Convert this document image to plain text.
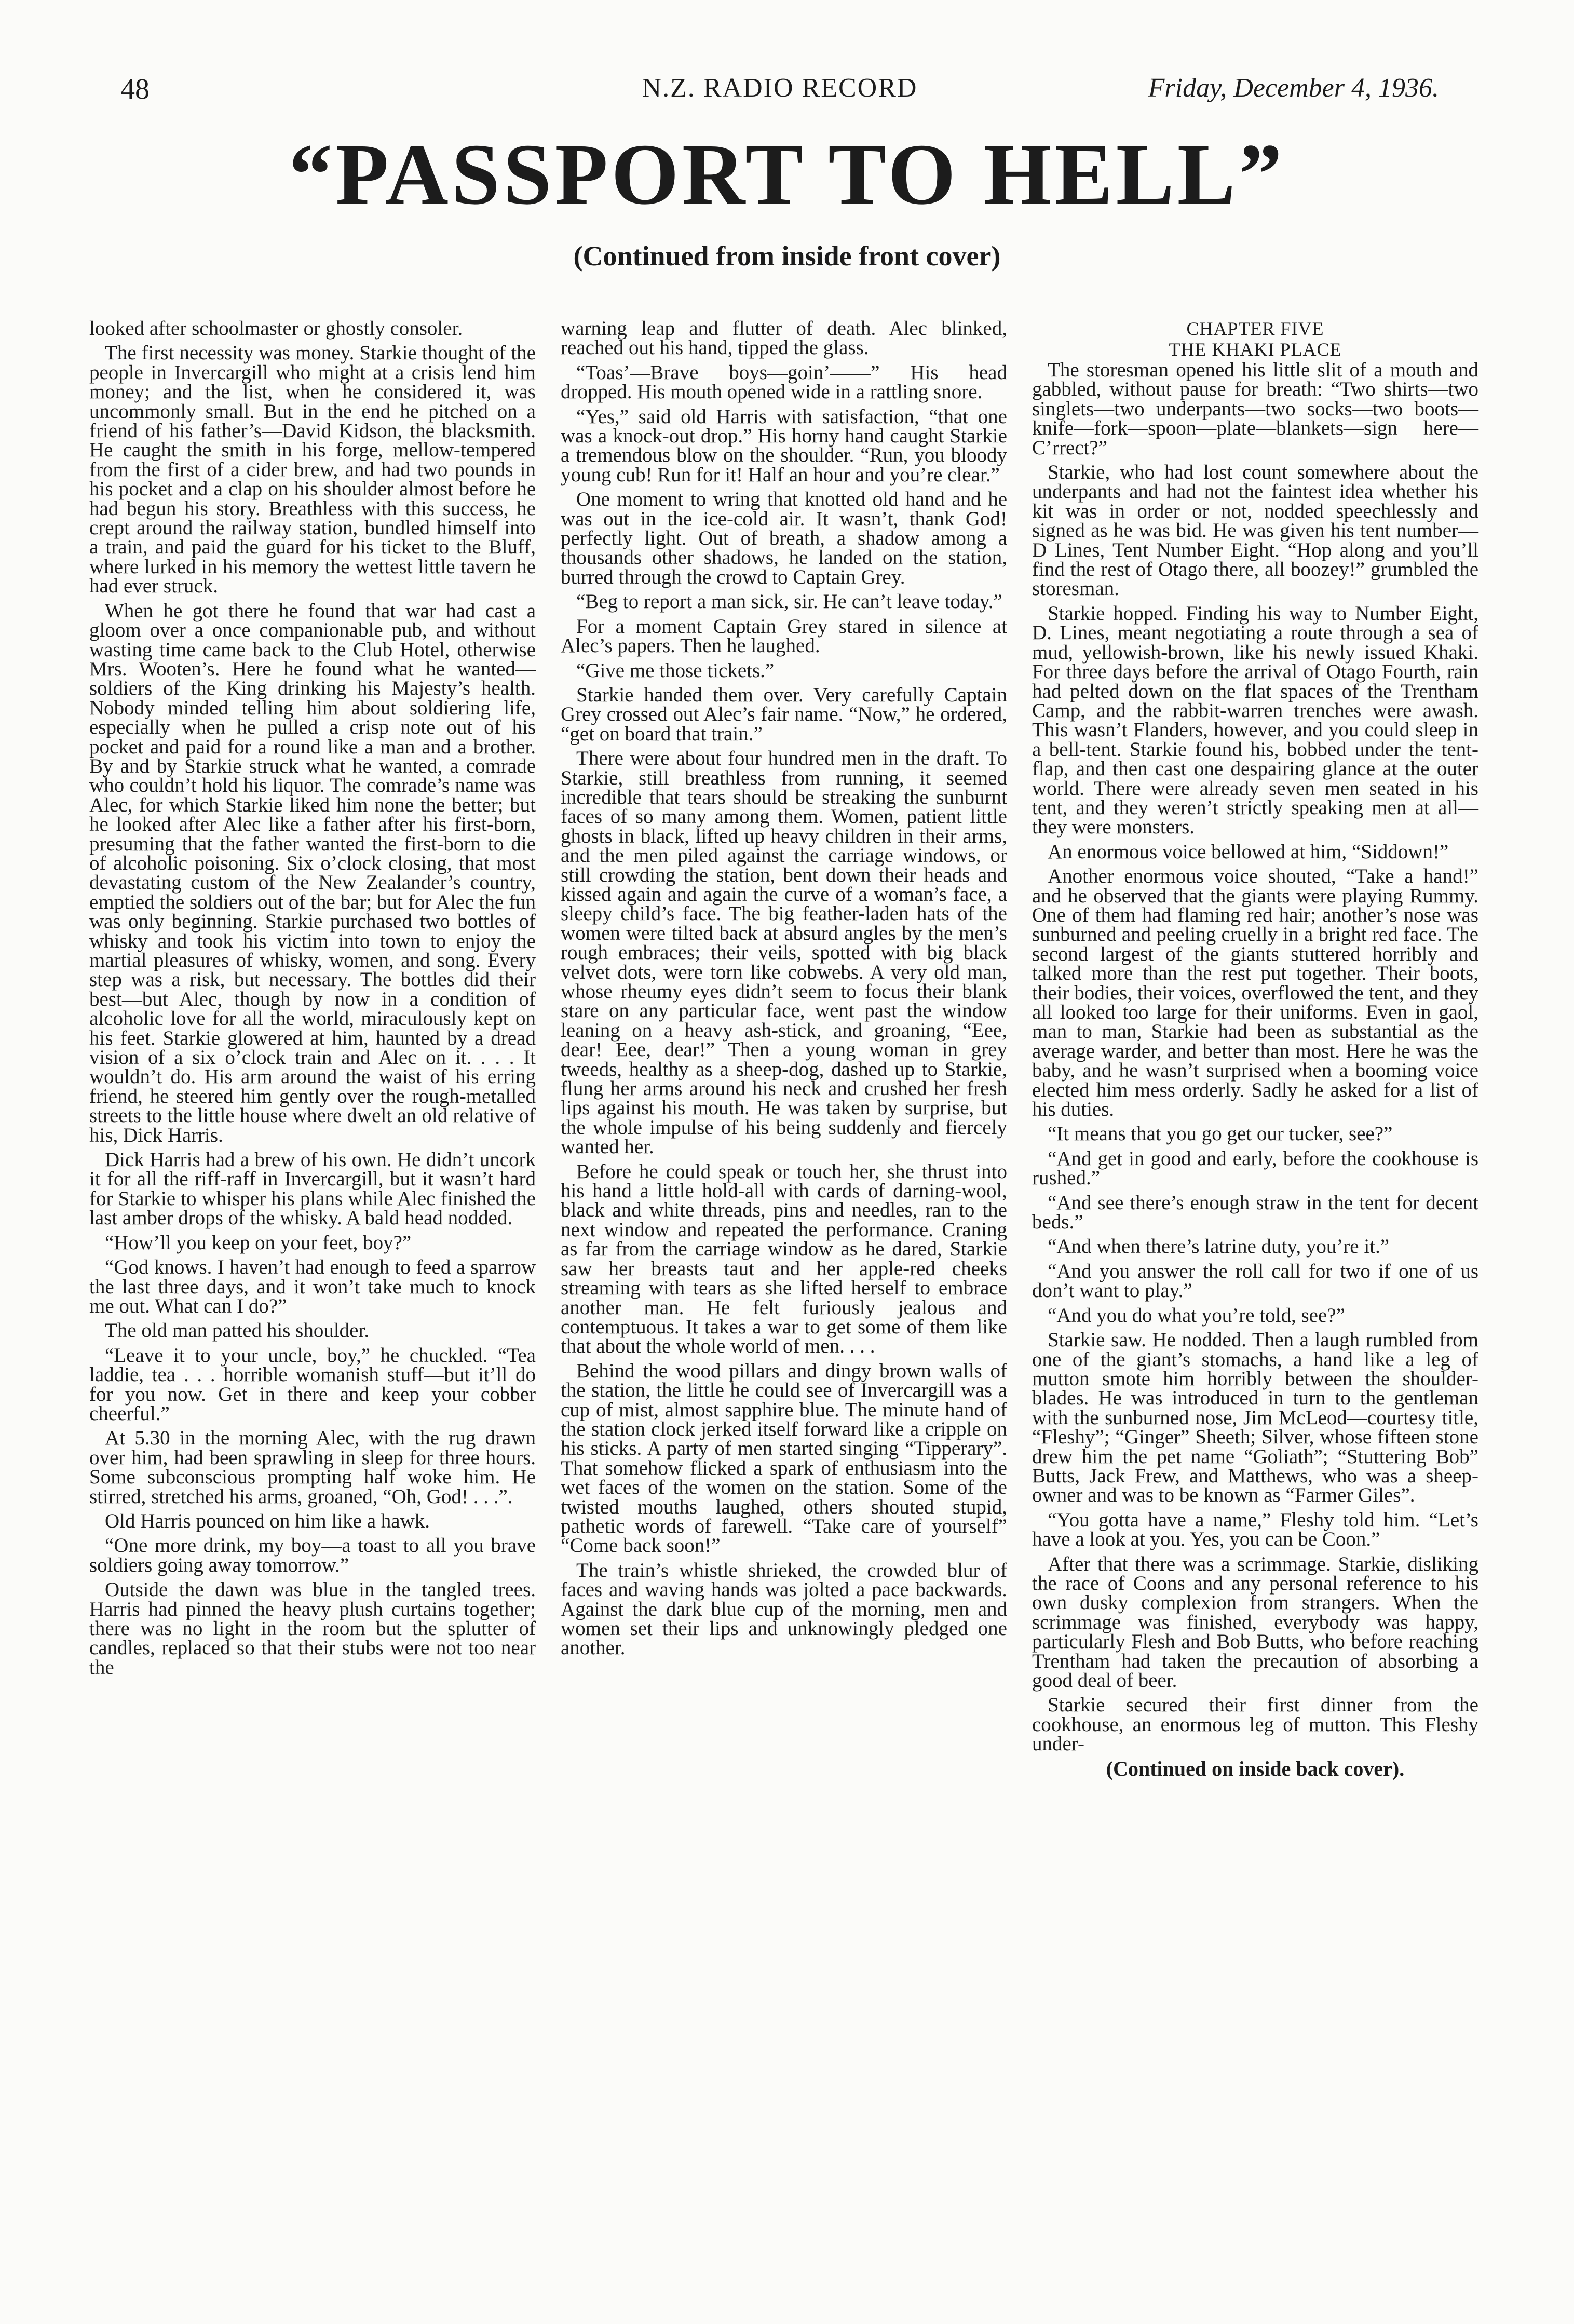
48	N.Z. RADIO RECORD	Friday, December 4, 1936.
“PASSPORT TO HELL”
(Continued from inside front cover)

looked after schoolmaster or ghostly consoler.

The first necessity was money. Starkie thought of the people in Invercargill who might at a crisis lend him money; and the list, when he considered it, was uncommonly small. But in the end he pitched on a friend of his father’s—David Kidson, the blacksmith. He caught the smith in his forge, mellow-tempered from the first of a cider brew, and had two pounds in his pocket and a clap on his shoulder almost before he had begun his story. Breathless with this success, he crept around the railway station, bundled himself into a train, and paid the guard for his ticket to the Bluff, where lurked in his memory the wettest little tavern he had ever struck.

When he got there he found that war had cast a gloom over a once companionable pub, and without wasting time came back to the Club Hotel, otherwise Mrs. Wooten’s. Here he found what he wanted—soldiers of the King drinking his Majesty’s health. Nobody minded telling him about soldiering life, especially when he pulled a crisp note out of his pocket and paid for a round like a man and a brother. By and by Starkie struck what he wanted, a comrade who couldn’t hold his liquor. The comrade’s name was Alec, for which Starkie liked him none the better; but he looked after Alec like a father after his first-born, presuming that the father wanted the first-born to die of alcoholic poisoning. Six o’clock closing, that most devastating custom of the New Zealander’s country, emptied the soldiers out of the bar; but for Alec the fun was only beginning. Starkie purchased two bottles of whisky and took his victim into town to enjoy the martial pleasures of whisky, women, and song. Every step was a risk, but necessary. The bottles did their best—but Alec, though by now in a condition of alcoholic love for all the world, miraculously kept on his feet. Starkie glowered at him, haunted by a dread vision of a six o’clock train and Alec on it. . . . It wouldn’t do. His arm around the waist of his erring friend, he steered him gently over the rough-metalled streets to the little house where dwelt an old relative of his, Dick Harris.

Dick Harris had a brew of his own. He didn’t uncork it for all the riff-raff in Invercargill, but it wasn’t hard for Starkie to whisper his plans while Alec finished the last amber drops of the whisky. A bald head nodded.

“How’ll you keep on your feet, boy?”

“God knows. I haven’t had enough to feed a sparrow the last three days, and it won’t take much to knock me out. What can I do?”

The old man patted his shoulder.

“Leave it to your uncle, boy,” he chuckled. “Tea laddie, tea . . . horrible womanish stuff—but it’ll do for you now. Get in there and keep your cobber cheerful.”

At 5.30 in the morning Alec, with the rug drawn over him, had been sprawling in sleep for three hours. Some subconscious prompting half woke him. He stirred, stretched his arms, groaned, “Oh, God! . . .”.

Old Harris pounced on him like a hawk.

“One more drink, my boy—a toast to all you brave soldiers going away tomorrow.”

Outside the dawn was blue in the tangled trees. Harris had pinned the heavy plush curtains together; there was no light in the room but the splutter of candles, replaced so that their stubs were not too near the

warning leap and flutter of death. Alec blinked, reached out his hand, tipped the glass.

“Toas’—Brave boys—goin’——” His head dropped. His mouth opened wide in a rattling snore.

“Yes,” said old Harris with satisfaction, “that one was a knock-out drop.” His horny hand caught Starkie a tremendous blow on the shoulder. “Run, you bloody young cub! Run for it! Half an hour and you’re clear.”

One moment to wring that knotted old hand and he was out in the ice-cold air. It wasn’t, thank God! perfectly light. Out of breath, a shadow among a thousands other shadows, he landed on the station, burred through the crowd to Captain Grey.

“Beg to report a man sick, sir. He can’t leave today.”

For a moment Captain Grey stared in silence at Alec’s papers. Then he laughed.

“Give me those tickets.”

Starkie handed them over. Very carefully Captain Grey crossed out Alec’s fair name. “Now,” he ordered, “get on board that train.”

There were about four hundred men in the draft. To Starkie, still breathless from running, it seemed incredible that tears should be streaking the sunburnt faces of so many among them. Women, patient little ghosts in black, lifted up heavy children in their arms, and the men piled against the carriage windows, or still crowding the station, bent down their heads and kissed again and again the curve of a woman’s face, a sleepy child’s face. The big feather-laden hats of the women were tilted back at absurd angles by the men’s rough embraces; their veils, spotted with big black velvet dots, were torn like cobwebs. A very old man, whose rheumy eyes didn’t seem to focus their blank stare on any particular face, went past the window leaning on a heavy ash-stick, and groaning, “Eee, dear! Eee, dear!” Then a young woman in grey tweeds, healthy as a sheep-dog, dashed up to Starkie, flung her arms around his neck and crushed her fresh lips against his mouth. He was taken by surprise, but the whole impulse of his being suddenly and fiercely wanted her.

Before he could speak or touch her, she thrust into his hand a little hold-all with cards of darning-wool, black and white threads, pins and needles, ran to the next window and repeated the performance. Craning as far from the carriage window as he dared, Starkie saw her breasts taut and her apple-red cheeks streaming with tears as she lifted herself to embrace another man. He felt furiously jealous and contemptuous. It takes a war to get some of them like that about the whole world of men. . . .

Behind the wood pillars and dingy brown walls of the station, the little he could see of Invercargill was a cup of mist, almost sapphire blue. The minute hand of the station clock jerked itself forward like a cripple on his sticks. A party of men started singing “Tipperary”. That somehow flicked a spark of enthusiasm into the wet faces of the women on the station. Some of the twisted mouths laughed, others shouted stupid, pathetic words of farewell. “Take care of yourself” “Come back soon!”

The train’s whistle shrieked, the crowded blur of faces and waving hands was jolted a pace backwards. Against the dark blue cup of the morning, men and women set their lips and unknowingly pledged one another.

CHAPTER FIVE
THE KHAKI PLACE

The storesman opened his little slit of a mouth and gabbled, without pause for breath: “Two shirts—two singlets—two underpants—two socks—two boots—knife—fork—spoon—plate—blankets—sign here—C’rrect?”

Starkie, who had lost count somewhere about the underpants and had not the faintest idea whether his kit was in order or not, nodded speechlessly and signed as he was bid. He was given his tent number—D Lines, Tent Number Eight. “Hop along and you’ll find the rest of Otago there, all boozey!” grumbled the storesman.

Starkie hopped. Finding his way to Number Eight, D. Lines, meant negotiating a route through a sea of mud, yellowish-brown, like his newly issued Khaki. For three days before the arrival of Otago Fourth, rain had pelted down on the flat spaces of the Trentham Camp, and the rabbit-warren trenches were awash. This wasn’t Flanders, however, and you could sleep in a bell-tent. Starkie found his, bobbed under the tent-flap, and then cast one despairing glance at the outer world. There were already seven men seated in his tent, and they weren’t strictly speaking men at all—they were monsters.

An enormous voice bellowed at him, “Siddown!”

Another enormous voice shouted, “Take a hand!” and he observed that the giants were playing Rummy. One of them had flaming red hair; another’s nose was sunburned and peeling cruelly in a bright red face. The second largest of the giants stuttered horribly and talked more than the rest put together. Their boots, their bodies, their voices, overflowed the tent, and they all looked too large for their uniforms. Even in gaol, man to man, Starkie had been as substantial as the average warder, and better than most. Here he was the baby, and he wasn’t surprised when a booming voice elected him mess orderly. Sadly he asked for a list of his duties.

“It means that you go get our tucker, see?”

“And get in good and early, before the cookhouse is rushed.”

“And see there’s enough straw in the tent for decent beds.”

“And when there’s latrine duty, you’re it.”

“And you answer the roll call for two if one of us don’t want to play.”

“And you do what you’re told, see?”

Starkie saw. He nodded. Then a laugh rumbled from one of the giant’s stomachs, a hand like a leg of mutton smote him horribly between the shoulder-blades. He was introduced in turn to the gentleman with the sunburned nose, Jim McLeod—courtesy title, “Fleshy”; “Ginger” Sheeth; Silver, whose fifteen stone drew him the pet name “Goliath”; “Stuttering Bob” Butts, Jack Frew, and Matthews, who was a sheep-owner and was to be known as “Farmer Giles”.

“You gotta have a name,” Fleshy told him. “Let’s have a look at you. Yes, you can be Coon.”

After that there was a scrimmage. Starkie, disliking the race of Coons and any personal reference to his own dusky complexion from strangers. When the scrimmage was finished, everybody was happy, particularly Flesh and Bob Butts, who before reaching Trentham had taken the precaution of absorbing a good deal of beer.

Starkie secured their first dinner from the cookhouse, an enormous leg of mutton. This Fleshy under-

(Continued on inside back cover).
